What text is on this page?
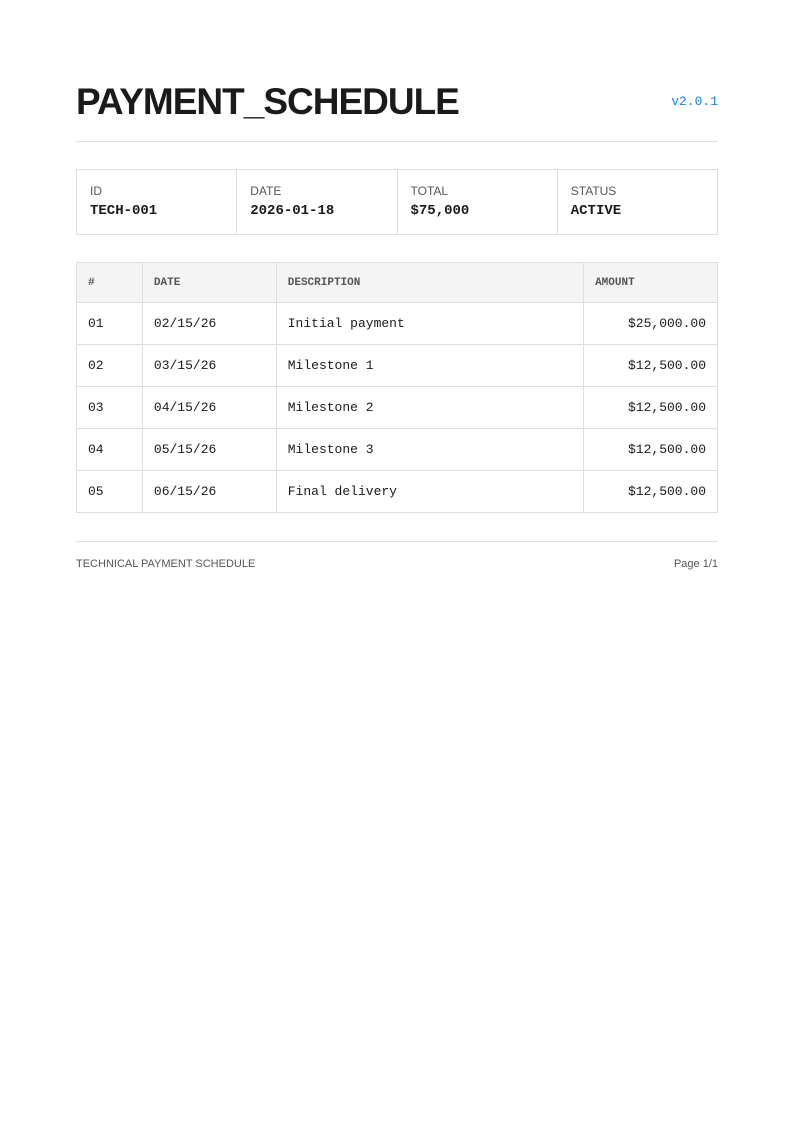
PAYMENT_SCHEDULE	v2.0.1
ID
TECH-001
DATE
2026-01-18
TOTAL
$75,000
STATUS
ACTIVE
#	DATE	DESCRIPTION	AMOUNT
01	02/15/26	Initial payment	$25,000.00
02	03/15/26	Milestone 1	$12,500.00
03	04/15/26	Milestone 2	$12,500.00
04	05/15/26	Milestone 3	$12,500.00
05	06/15/26	Final delivery	$12,500.00
TECHNICAL PAYMENT SCHEDULE	Page 1/1
